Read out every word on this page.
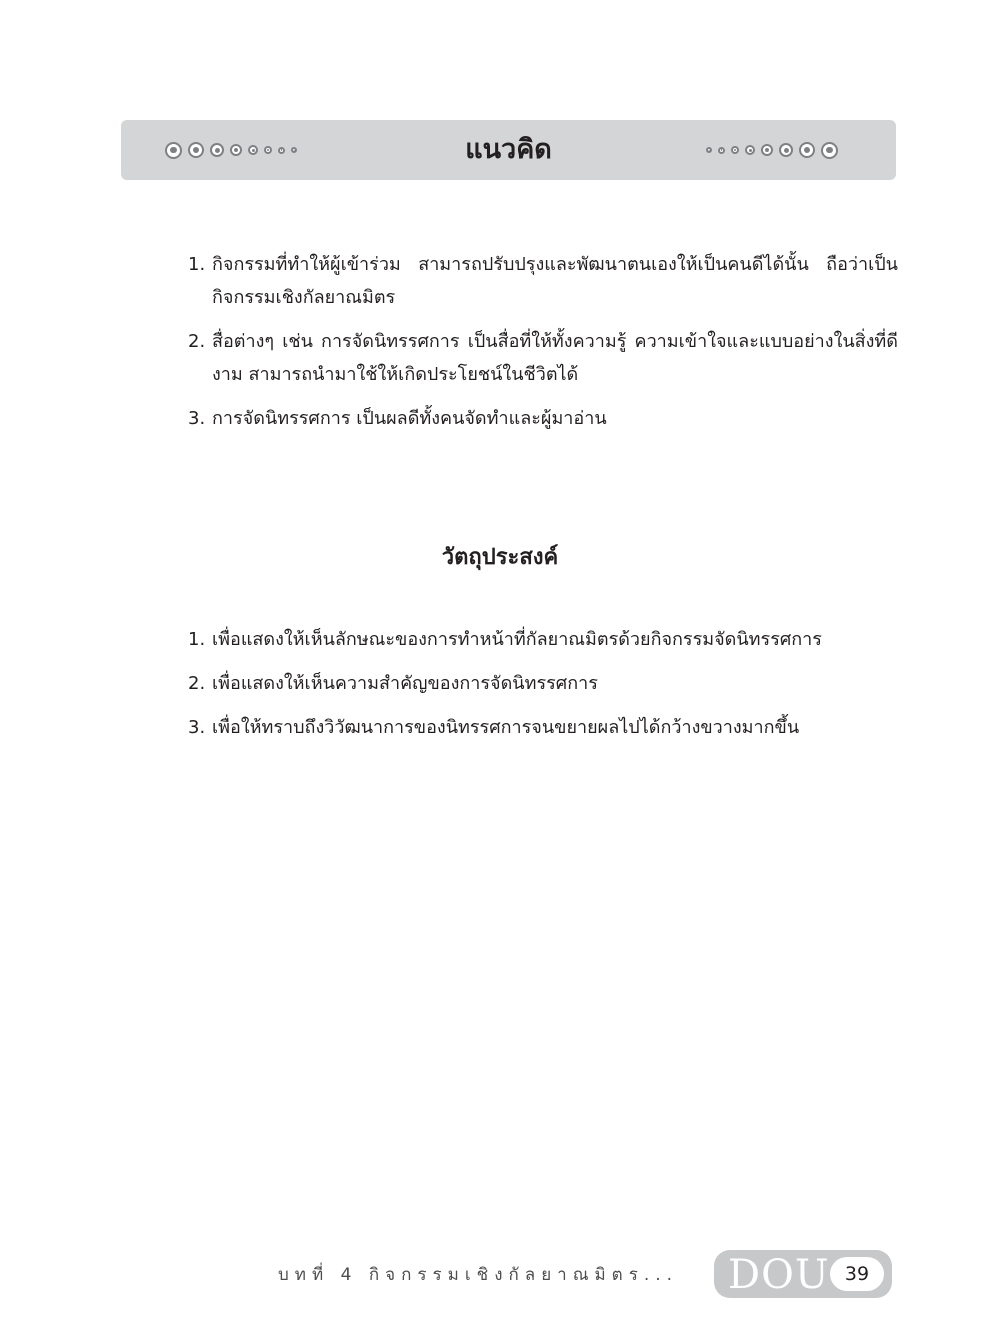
แนวคิด
1. กิจกรรมที่ทำให้ผู้เข้าร่วม สามารถปรับปรุงและพัฒนาตนเองให้เป็นคนดีได้นั้น ถือว่าเป็นกิจกรรมเชิงกัลยาณมิตร
2. สื่อต่างๆ เช่น การจัดนิทรรศการ เป็นสื่อที่ให้ทั้งความรู้ ความเข้าใจและแบบอย่างในสิ่งที่ดีงาม สามารถนำมาใช้ให้เกิดประโยชน์ในชีวิตได้
3. การจัดนิทรรศการ เป็นผลดีทั้งคนจัดทำและผู้มาอ่าน
วัตถุประสงค์
1. เพื่อแสดงให้เห็นลักษณะของการทำหน้าที่กัลยาณมิตรด้วยกิจกรรมจัดนิทรรศการ
2. เพื่อแสดงให้เห็นความสำคัญของการจัดนิทรรศการ
3. เพื่อให้ทราบถึงวิวัฒนาการของนิทรรศการจนขยายผลไปได้กว้างขวางมากขึ้น
บทที่ 4 กิจกรรมเชิงกัลยาณมิตร... DOU 39
